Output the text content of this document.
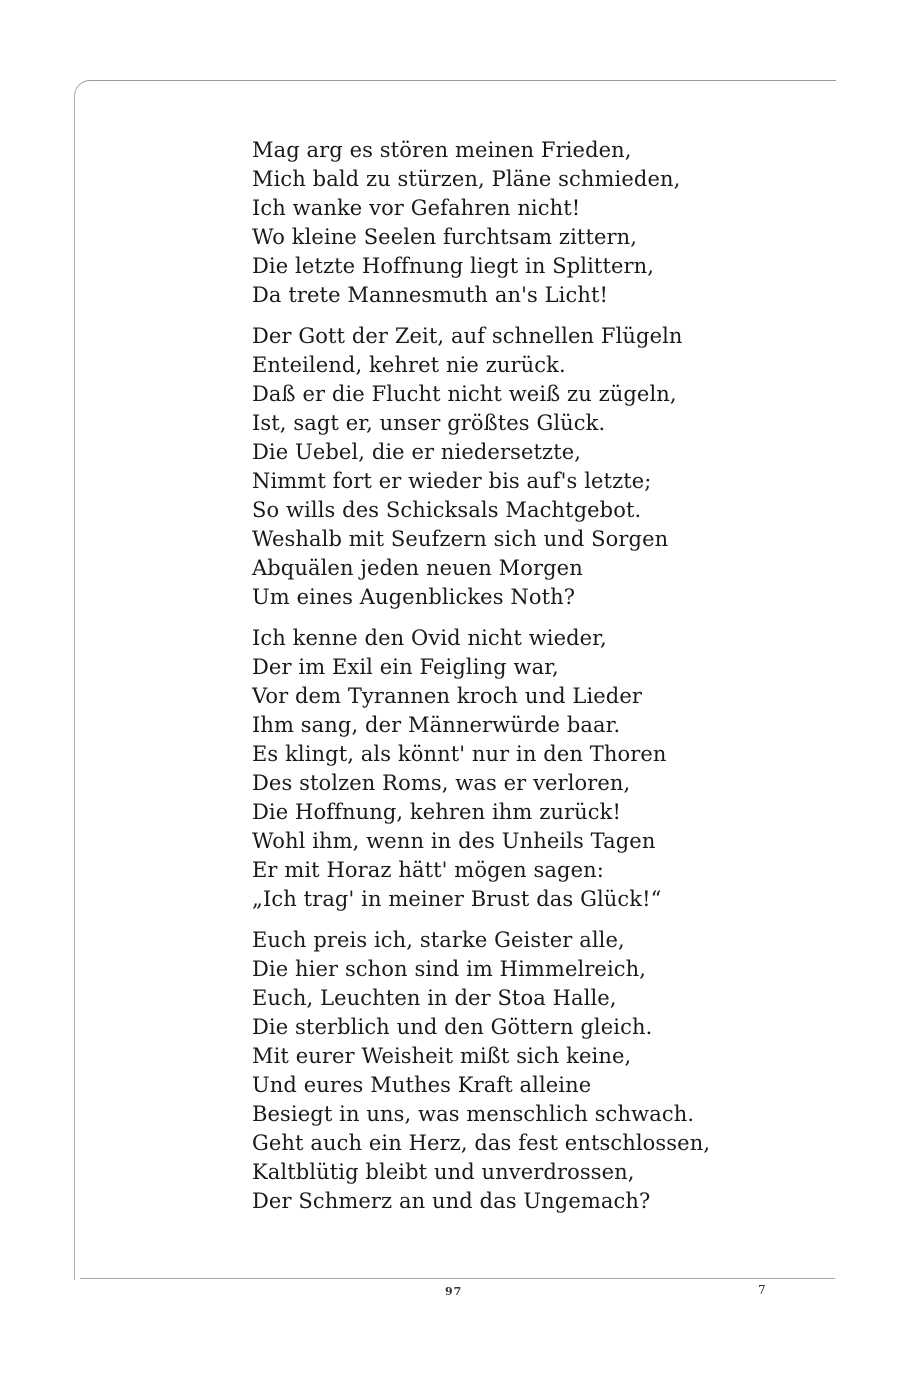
Mag arg es stören meinen Frieden,
Mich bald zu stürzen, Pläne schmieden,
Ich wanke vor Gefahren nicht!
Wo kleine Seelen furchtsam zittern,
Die letzte Hoffnung liegt in Splittern,
Da trete Mannesmuth an's Licht!
Der Gott der Zeit, auf schnellen Flügeln
Enteilend, kehret nie zurück.
Daß er die Flucht nicht weiß zu zügeln,
Ist, sagt er, unser größtes Glück.
Die Uebel, die er niedersetzte,
Nimmt fort er wieder bis auf's letzte;
So wills des Schicksals Machtgebot.
Weshalb mit Seufzern sich und Sorgen
Abquälen jeden neuen Morgen
Um eines Augenblickes Noth?
Ich kenne den Ovid nicht wieder,
Der im Exil ein Feigling war,
Vor dem Tyrannen kroch und Lieder
Ihm sang, der Männerwürde baar.
Es klingt, als könnt' nur in den Thoren
Des stolzen Roms, was er verloren,
Die Hoffnung, kehren ihm zurück!
Wohl ihm, wenn in des Unheils Tagen
Er mit Horaz hätt' mögen sagen:
„Ich trag' in meiner Brust das Glück!“
Euch preis ich, starke Geister alle,
Die hier schon sind im Himmelreich,
Euch, Leuchten in der Stoa Halle,
Die sterblich und den Göttern gleich.
Mit eurer Weisheit mißt sich keine,
Und eures Muthes Kraft alleine
Besiegt in uns, was menschlich schwach.
Geht auch ein Herz, das fest entschlossen,
Kaltblütig bleibt und unverdrossen,
Der Schmerz an und das Ungemach?
97	7
